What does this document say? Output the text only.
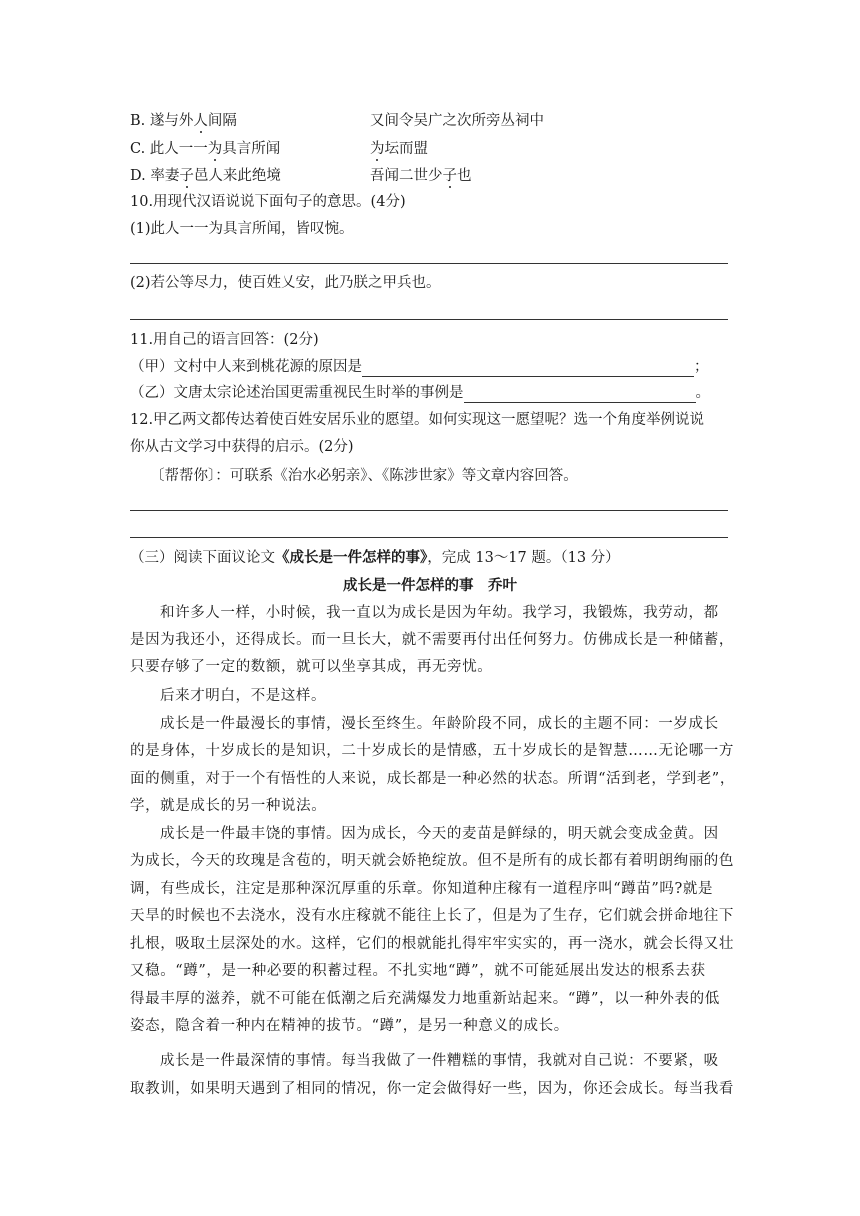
B. 遂与外人间隔	又间令吴广之次所旁丛祠中
C. 此人一一为具言所闻	为坛而盟
D. 率妻子邑人来此绝境	吾闻二世少子也
10.用现代汉语说说下面句子的意思。(4分)
(1)此人一一为具言所闻，皆叹惋。
(2)若公等尽力，使百姓乂安，此乃朕之甲兵也。
11.用自己的语言回答：(2分)
（甲）文村中人来到桃花源的原因是	；
（乙）文唐太宗论述治国更需重视民生时举的事例是	。
12.甲乙两文都传达着使百姓安居乐业的愿望。如何实现这一愿望呢？选一个角度举例说说
你从古文学习中获得的启示。(2分)
〔帮帮你〕：可联系《治水必躬亲》、《陈涉世家》等文章内容回答。
（三）阅读下面议论文《成长是一件怎样的事》，完成 13～17 题。（13 分）
成长是一件怎样的事　乔叶
和许多人一样，小时候，我一直以为成长是因为年幼。我学习，我锻炼，我劳动，都
是因为我还小，还得成长。而一旦长大，就不需要再付出任何努力。仿佛成长是一种储蓄，
只要存够了一定的数额，就可以坐享其成，再无旁忧。
后来才明白，不是这样。
成长是一件最漫长的事情，漫长至终生。年龄阶段不同，成长的主题不同：一岁成长
的是身体，十岁成长的是知识，二十岁成长的是情感，五十岁成长的是智慧……无论哪一方
面的侧重，对于一个有悟性的人来说，成长都是一种必然的状态。所谓“活到老，学到老”，
学，就是成长的另一种说法。
成长是一件最丰饶的事情。因为成长，今天的麦苗是鲜绿的，明天就会变成金黄。因
为成长，今天的玫瑰是含苞的，明天就会娇艳绽放。但不是所有的成长都有着明朗绚丽的色
调，有些成长，注定是那种深沉厚重的乐章。你知道种庄稼有一道程序叫“蹲苗”吗?就是
天旱的时候也不去浇水，没有水庄稼就不能往上长了，但是为了生存，它们就会拼命地往下
扎根，吸取土层深处的水。这样，它们的根就能扎得牢牢实实的，再一浇水，就会长得又壮
又稳。“蹲”，是一种必要的积蓄过程。不扎实地“蹲”，就不可能延展出发达的根系去获
得最丰厚的滋养，就不可能在低潮之后充满爆发力地重新站起来。“蹲”，以一种外表的低
姿态，隐含着一种内在精神的拔节。“蹲”，是另一种意义的成长。
成长是一件最深情的事情。每当我做了一件糟糕的事情，我就对自己说：不要紧，吸
取教训，如果明天遇到了相同的情况，你一定会做得好一些，因为，你还会成长。每当我看
